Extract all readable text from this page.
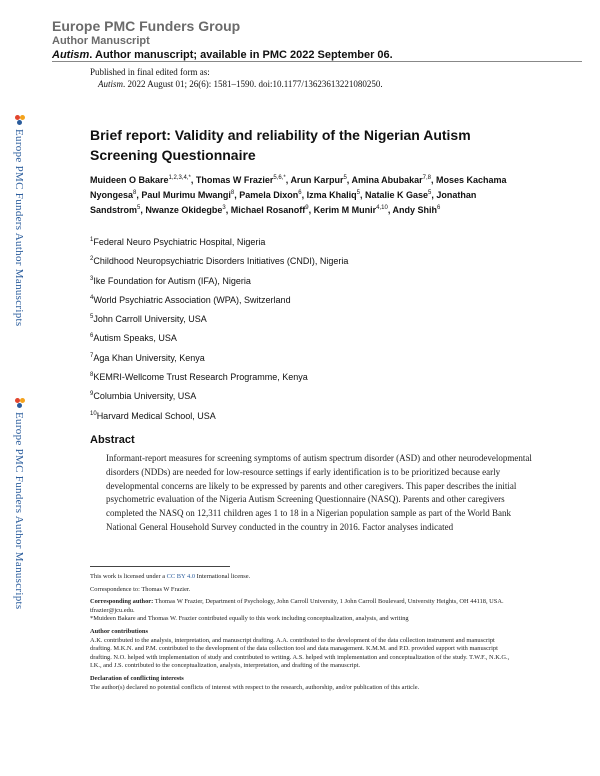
Europe PMC Funders Group
Author Manuscript
Autism. Author manuscript; available in PMC 2022 September 06.
Published in final edited form as:
Autism. 2022 August 01; 26(6): 1581–1590. doi:10.1177/13623613221080250.
Europe PMC Funders Author Manuscripts
Europe PMC Funders Author Manuscripts
Brief report: Validity and reliability of the Nigerian Autism Screening Questionnaire
Muideen O Bakare$^{1,2,3,4,*}$, Thomas W Frazier$^{5,6,*}$, Arun Karpur$^5$, Amina Abubakar$^{7,8}$, Moses Kachama Nyongesa$^8$, Paul Murimu Mwangi$^8$, Pamela Dixon$^6$, Izma Khaliq$^5$, Natalie K Gase$^5$, Jonathan Sandstrom$^5$, Nwanze Okidegbe$^3$, Michael Rosanoff$^9$, Kerim M Munir$^{4,10}$, Andy Shih$^6$
$^1$Federal Neuro Psychiatric Hospital, Nigeria
$^2$Childhood Neuropsychiatric Disorders Initiatives (CNDI), Nigeria
$^3$Ike Foundation for Autism (IFA), Nigeria
$^4$World Psychiatric Association (WPA), Switzerland
$^5$John Carroll University, USA
$^6$Autism Speaks, USA
$^7$Aga Khan University, Kenya
$^8$KEMRI-Wellcome Trust Research Programme, Kenya
$^9$Columbia University, USA
$^{10}$Harvard Medical School, USA
Abstract
Informant-report measures for screening symptoms of autism spectrum disorder (ASD) and other neurodevelopmental disorders (NDDs) are needed for low-resource settings if early identification is to be prioritized because early developmental concerns are likely to be expressed by parents and other caregivers. This paper describes the initial psychometric evaluation of the Nigeria Autism Screening Questionnaire (NASQ). Parents and other caregivers completed the NASQ on 12,311 children ages 1 to 18 in a Nigerian population sample as part of the World Bank National General Household Survey conducted in the country in 2016. Factor analyses indicated
This work is licensed under a CC BY 4.0 International license.
Correspondence to: Thomas W Frazier.
Corresponding author: Thomas W Frazier, Department of Psychology, John Carroll University, 1 John Carroll Boulevard, University Heights, OH 44118, USA. tfrazier@jcu.edu.
*Muideen Bakare and Thomas W. Frazier contributed equally to this work including conceptualization, analysis, and writing
Author contributions
A.K. contributed to the analysis, interpretation, and manuscript drafting. A.A. contributed to the development of the data collection instrument and manuscript drafting. M.K.N. and P.M. contributed to the development of the data collection tool and data management. K.M.M. and P.D. provided support with manuscript drafting. N.O. helped with implementation of study and contributed to writing. A.S. helped with implementation and conceptualization of the study. T.W.F., N.K.G., I.K., and J.S. contributed to the conceptualization, analysis, interpretation, and drafting of the manuscript.
Declaration of conflicting interests
The author(s) declared no potential conflicts of interest with respect to the research, authorship, and/or publication of this article.
